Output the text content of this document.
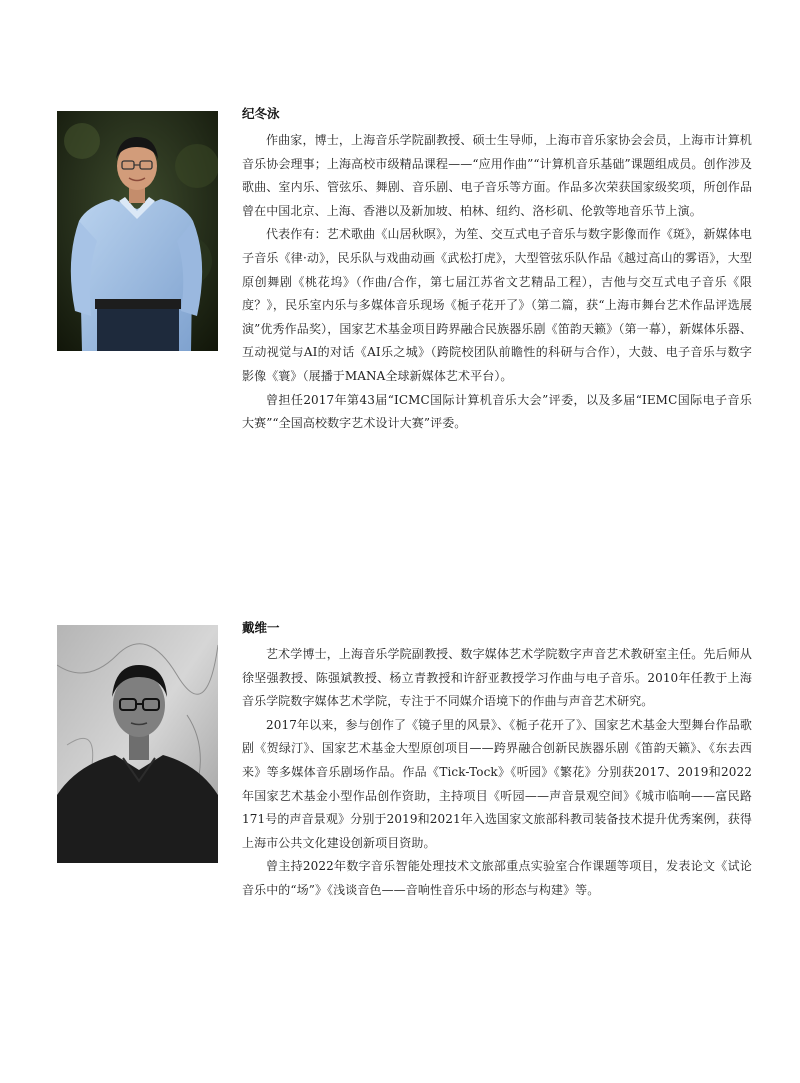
纪冬泳

作曲家，博士，上海音乐学院副教授、硕士生导师，上海市音乐家协会会员，上海市计算机音乐协会理事；上海高校市级精品课程——“应用作曲”“计算机音乐基础”课题组成员。创作涉及歌曲、室内乐、管弦乐、舞剧、音乐剧、电子音乐等方面。作品多次荣获国家级奖项，所创作品曾在中国北京、上海、香港以及新加坡、柏林、纽约、洛杉矶、伦敦等地音乐节上演。

代表作有：艺术歌曲《山居秋暝》，为笙、交互式电子音乐与数字影像而作《斑》，新媒体电子音乐《律·动》，民乐队与戏曲动画《武松打虎》，大型管弦乐队作品《越过高山的雾语》，大型原创舞剧《桃花坞》（作曲/合作，第七届江苏省文艺精品工程），吉他与交互式电子音乐《限度？》，民乐室内乐与多媒体音乐现场《栀子花开了》（第二篇，获“上海市舞台艺术作品评选展演”优秀作品奖），国家艺术基金项目跨界融合民族器乐剧《笛韵天籁》（第一幕），新媒体乐器、互动视觉与AI的对话《AI乐之城》（跨院校团队前瞻性的科研与合作），大鼓、电子音乐与数字影像《寰》（展播于MANA全球新媒体艺术平台）。

曾担任2017年第43届“ICMC国际计算机音乐大会”评委，以及多届“IEMC国际电子音乐大赛”“全国高校数字艺术设计大赛”评委。

戴维一

艺术学博士，上海音乐学院副教授、数字媒体艺术学院数字声音艺术教研室主任。先后师从徐坚强教授、陈强斌教授、杨立青教授和许舒亚教授学习作曲与电子音乐。2010年任教于上海音乐学院数字媒体艺术学院，专注于不同媒介语境下的作曲与声音艺术研究。

2017年以来，参与创作了《镜子里的风景》、《栀子花开了》、国家艺术基金大型舞台作品歌剧《贺绿汀》、国家艺术基金大型原创项目——跨界融合创新民族器乐剧《笛韵天籁》、《东去西来》等多媒体音乐剧场作品。作品《Tick-Tock》《听园》《繁花》分别获2017、2019和2022年国家艺术基金小型作品创作资助，主持项目《听园——声音景观空间》《城市临响——富民路171号的声音景观》分别于2019和2021年入选国家文旅部科教司装备技术提升优秀案例，获得上海市公共文化建设创新项目资助。

曾主持2022年数字音乐智能处理技术文旅部重点实验室合作课题等项目，发表论文《试论音乐中的“场”》《浅谈音色——音响性音乐中场的形态与构建》等。
